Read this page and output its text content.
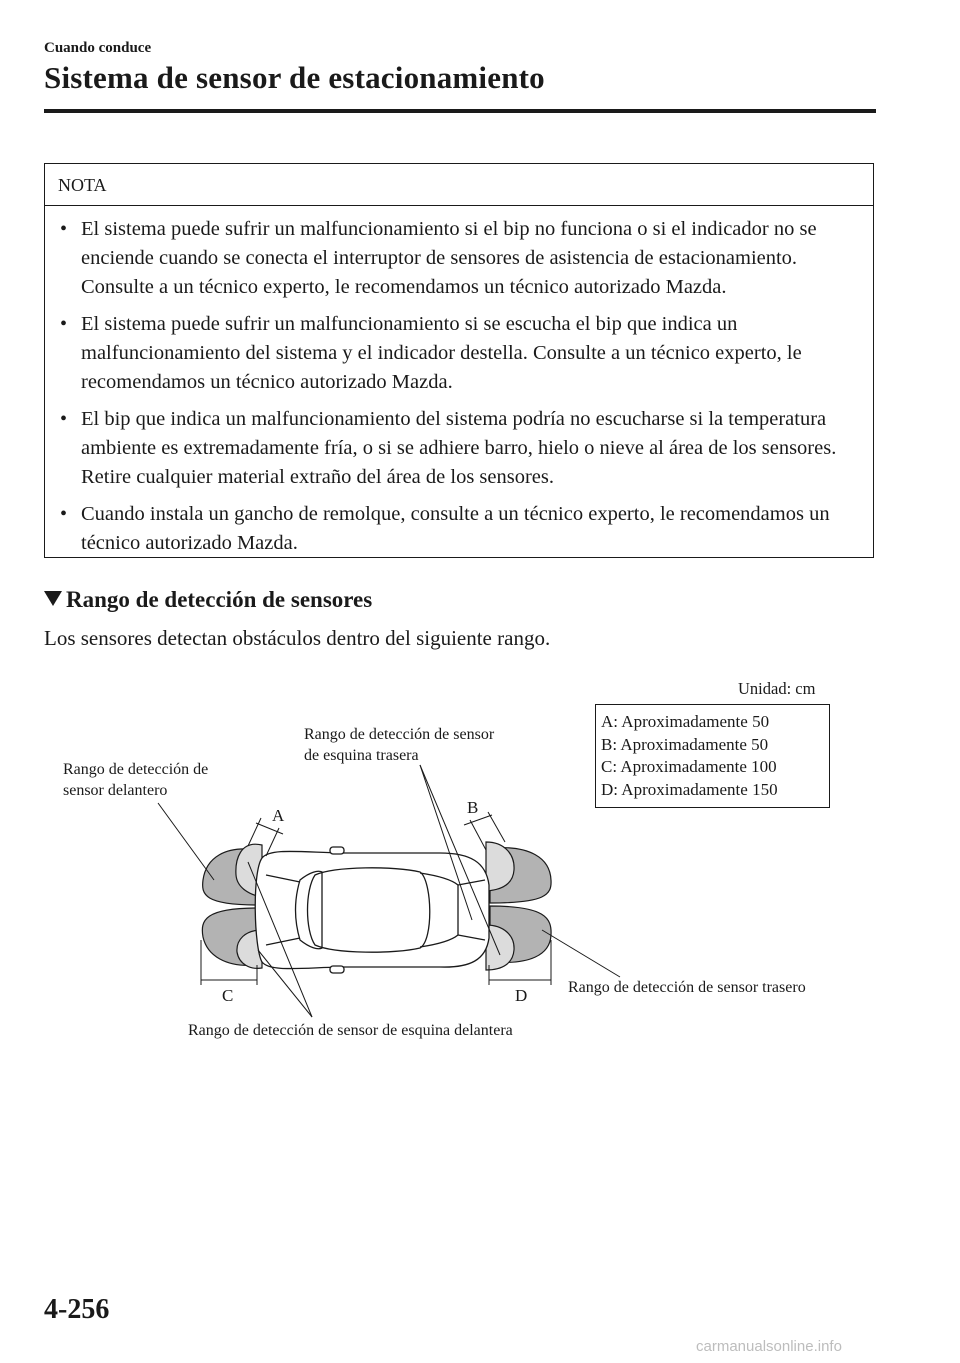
Cuando conduce
Sistema de sensor de estacionamiento
NOTA
• El sistema puede sufrir un malfuncionamiento si el bip no funciona o si el indicador no se enciende cuando se conecta el interruptor de sensores de asistencia de estacionamiento. Consulte a un técnico experto, le recomendamos un técnico autorizado Mazda.
• El sistema puede sufrir un malfuncionamiento si se escucha el bip que indica un malfuncionamiento del sistema y el indicador destella. Consulte a un técnico experto, le recomendamos un técnico autorizado Mazda.
• El bip que indica un malfuncionamiento del sistema podría no escucharse si la temperatura ambiente es extremadamente fría, o si se adhiere barro, hielo o nieve al área de los sensores. Retire cualquier material extraño del área de los sensores.
• Cuando instala un gancho de remolque, consulte a un técnico experto, le recomendamos un técnico autorizado Mazda.
Rango de detección de sensores
Los sensores detectan obstáculos dentro del siguiente rango.
Unidad: cm
A: Aproximadamente 50
B: Aproximadamente 50
C: Aproximadamente 100
D: Aproximadamente 150
Rango de detección de
sensor delantero
Rango de detección de sensor
de esquina trasera
Rango de detección de sensor de esquina delantera
Rango de detección de sensor trasero
A	B
C	D
4-256
carmanualsonline.info
